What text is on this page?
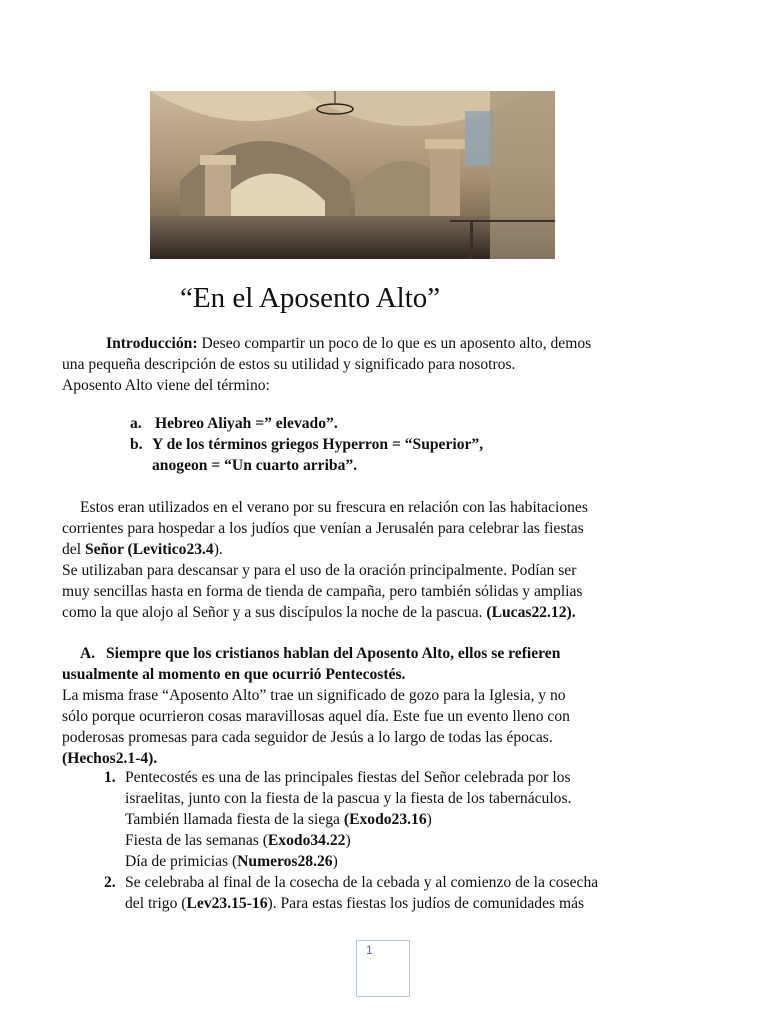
“En el Aposento Alto”
Introducción: Deseo compartir un poco de lo que es un aposento alto, demos
una pequeña descripción de estos su utilidad y significado para nosotros.
Aposento Alto viene del término:
a. Hebreo Aliyah =” elevado”.
b. Y de los términos griegos Hyperron = “Superior”,
anogeon = “Un cuarto arriba”.
Estos eran utilizados en el verano por su frescura en relación con las habitaciones
corrientes para hospedar a los judíos que venían a Jerusalén para celebrar las fiestas
del Señor (Levitico23.4).
Se utilizaban para descansar y para el uso de la oración principalmente. Podían ser
muy sencillas hasta en forma de tienda de campaña, pero también sólidas y amplias
como la que alojo al Señor y a sus discípulos la noche de la pascua. (Lucas22.12).
A. Siempre que los cristianos hablan del Aposento Alto, ellos se refieren
usualmente al momento en que ocurrió Pentecostés.
La misma frase “Aposento Alto” trae un significado de gozo para la Iglesia, y no
sólo porque ocurrieron cosas maravillosas aquel día. Este fue un evento lleno con
poderosas promesas para cada seguidor de Jesús a lo largo de todas las épocas.
(Hechos2.1-4).
1. Pentecostés es una de las principales fiestas del Señor celebrada por los
israelitas, junto con la fiesta de la pascua y la fiesta de los tabernáculos.
También llamada fiesta de la siega (Exodo23.16)
Fiesta de las semanas (Exodo34.22)
Día de primicias (Numeros28.26)
2. Se celebraba al final de la cosecha de la cebada y al comienzo de la cosecha
del trigo (Lev23.15-16). Para estas fiestas los judíos de comunidades más
1
